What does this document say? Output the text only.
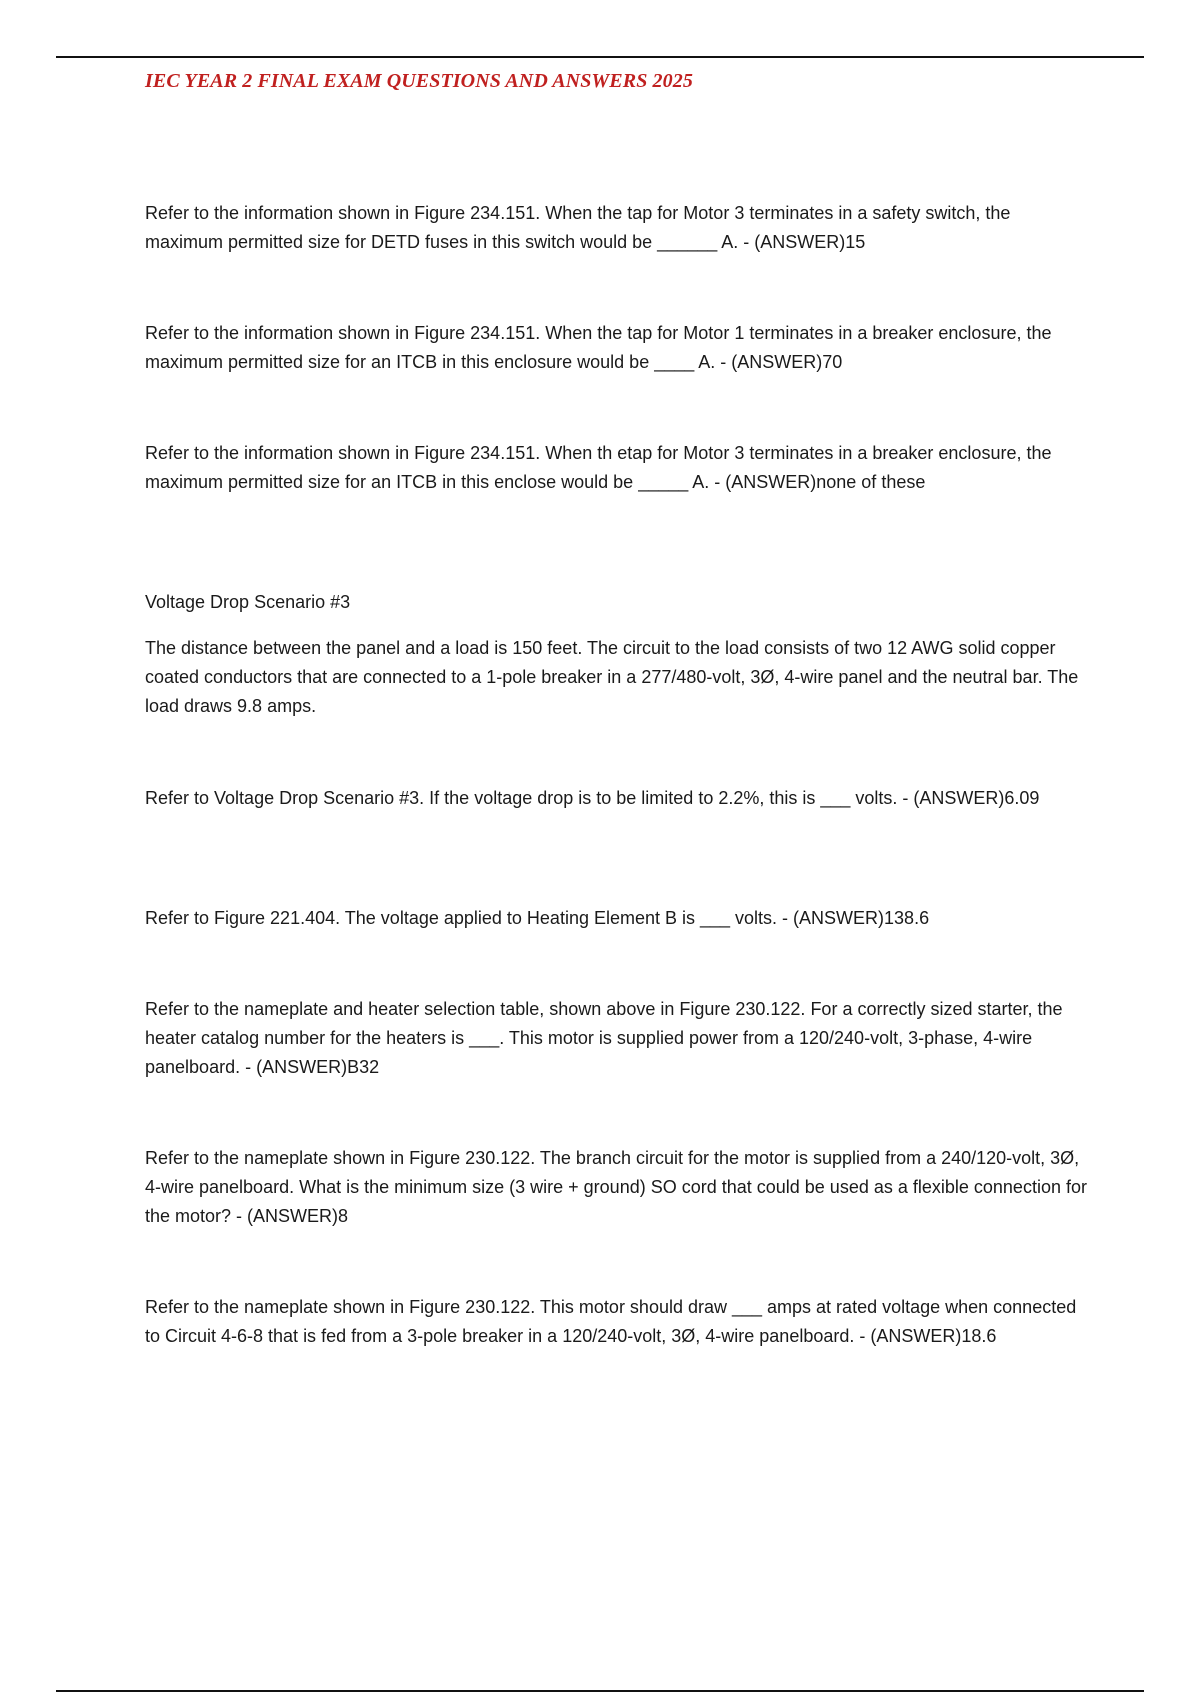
IEC YEAR 2 FINAL EXAM QUESTIONS AND ANSWERS 2025
Refer to the information shown in Figure 234.151. When the tap for Motor 3 terminates in a safety switch, the maximum permitted size for DETD fuses in this switch would be ______ A. - (ANSWER)15
Refer to the information shown in Figure 234.151. When the tap for Motor 1 terminates in a breaker enclosure, the maximum permitted size for an ITCB in this enclosure would be ____ A. - (ANSWER)70
Refer to the information shown in Figure 234.151. When th etap for Motor 3 terminates in a breaker enclosure, the maximum permitted size for an ITCB in this enclose would be _____ A. - (ANSWER)none of these
Voltage Drop Scenario #3
The distance between the panel and a load is 150 feet. The circuit to the load consists of two 12 AWG solid copper coated conductors that are connected to a 1-pole breaker in a 277/480-volt, 3Ø, 4-wire panel and the neutral bar. The load draws 9.8 amps.
Refer to Voltage Drop Scenario #3. If the voltage drop is to be limited to 2.2%, this is ___ volts. - (ANSWER)6.09
Refer to Figure 221.404. The voltage applied to Heating Element B is ___ volts. - (ANSWER)138.6
Refer to the nameplate and heater selection table, shown above in Figure 230.122. For a correctly sized starter, the heater catalog number for the heaters is ___. This motor is supplied power from a 120/240-volt, 3-phase, 4-wire panelboard. - (ANSWER)B32
Refer to the nameplate shown in Figure 230.122. The branch circuit for the motor is supplied from a 240/120-volt, 3Ø, 4-wire panelboard. What is the minimum size (3 wire + ground) SO cord that could be used as a flexible connection for the motor? - (ANSWER)8
Refer to the nameplate shown in Figure 230.122. This motor should draw ___ amps at rated voltage when connected to Circuit 4-6-8 that is fed from a 3-pole breaker in a 120/240-volt, 3Ø, 4-wire panelboard. - (ANSWER)18.6
